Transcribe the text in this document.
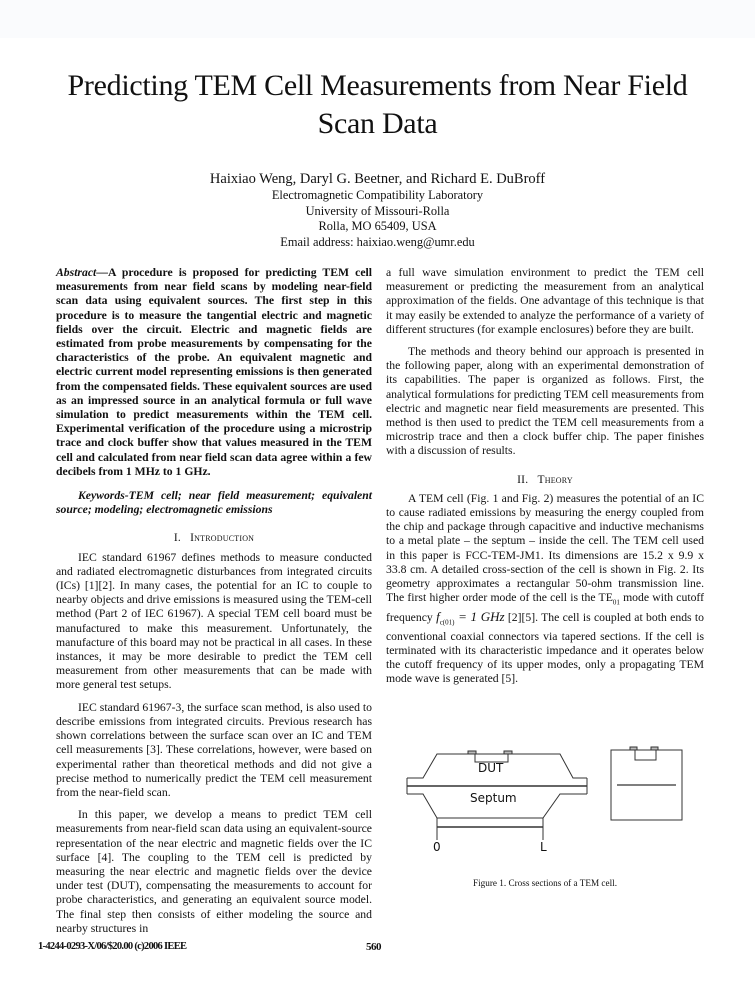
Predicting TEM Cell Measurements from Near Field Scan Data
Haixiao Weng, Daryl G. Beetner, and Richard E. DuBroff
Electromagnetic Compatibility Laboratory
University of Missouri-Rolla
Rolla, MO 65409, USA
Email address: haixiao.weng@umr.edu

Abstract—A procedure is proposed for predicting TEM cell measurements from near field scans by modeling near-field scan data using equivalent sources. The first step in this procedure is to measure the tangential electric and magnetic fields over the circuit. Electric and magnetic fields are estimated from probe measurements by compensating for the characteristics of the probe. An equivalent magnetic and electric current model representing emissions is then generated from the compensated fields. These equivalent sources are used as an impressed source in an analytical formula or full wave simulation to predict measurements within the TEM cell. Experimental verification of the procedure using a microstrip trace and clock buffer show that values measured in the TEM cell and calculated from near field scan data agree within a few decibels from 1 MHz to 1 GHz.

Keywords-TEM cell; near field measurement; equivalent source; modeling; electromagnetic emissions

I. Introduction

IEC standard 61967 defines methods to measure conducted and radiated electromagnetic disturbances from integrated circuits (ICs) [1][2]. In many cases, the potential for an IC to couple to nearby objects and drive emissions is measured using the TEM-cell method (Part 2 of IEC 61967). A special TEM cell board must be manufactured to make this measurement. Unfortunately, the manufacture of this board may not be practical in all cases. In these instances, it may be more desirable to predict the TEM cell measurement from other measurements that can be made with more general test setups.

IEC standard 61967-3, the surface scan method, is also used to describe emissions from integrated circuits. Previous research has shown correlations between the surface scan over an IC and TEM cell measurements [3]. These correlations, however, were based on experimental rather than theoretical methods and did not give a precise method to numerically predict the TEM cell measurement from the near-field scan.

In this paper, we develop a means to predict TEM cell measurements from near-field scan data using an equivalent-source representation of the near electric and magnetic fields over the IC surface [4]. The coupling to the TEM cell is predicted by measuring the near electric and magnetic fields over the device under test (DUT), compensating the measurements to account for probe characteristics, and generating an equivalent source model. The final step then consists of either modeling the source and nearby structures in

a full wave simulation environment to predict the TEM cell measurement or predicting the measurement from an analytical approximation of the fields. One advantage of this technique is that it may easily be extended to analyze the performance of a variety of different structures (for example enclosures) before they are built.

The methods and theory behind our approach is presented in the following paper, along with an experimental demonstration of its capabilities. The paper is organized as follows. First, the analytical formulations for predicting TEM cell measurements from electric and magnetic near field measurements are presented. This method is then used to predict the TEM cell measurements from a microstrip trace and then a clock buffer chip. The paper finishes with a discussion of results.

II. Theory

A TEM cell (Fig. 1 and Fig. 2) measures the potential of an IC to cause radiated emissions by measuring the energy coupled from the chip and package through capacitive and inductive mechanisms to a metal plate – the septum – inside the cell. The TEM cell used in this paper is FCC-TEM-JM1. Its dimensions are 15.2 x 9.9 x 33.8 cm. A detailed cross-section of the cell is shown in Fig. 2. Its geometry approximates a rectangular 50-ohm transmission line. The first higher order mode of the cell is the $TE_{01}$ mode with cutoff frequency $f_{c(01)} = 1$ GHz [2][5]. The cell is coupled at both ends to conventional coaxial connectors via tapered sections. If the cell is terminated with its characteristic impedance and it operates below the cutoff frequency of its upper modes, only a propagating TEM mode wave is generated [5].

DUT
Septum
0	L
Figure 1. Cross sections of a TEM cell.
1-4244-0293-X/06/$20.00 (c)2006 IEEE	560
